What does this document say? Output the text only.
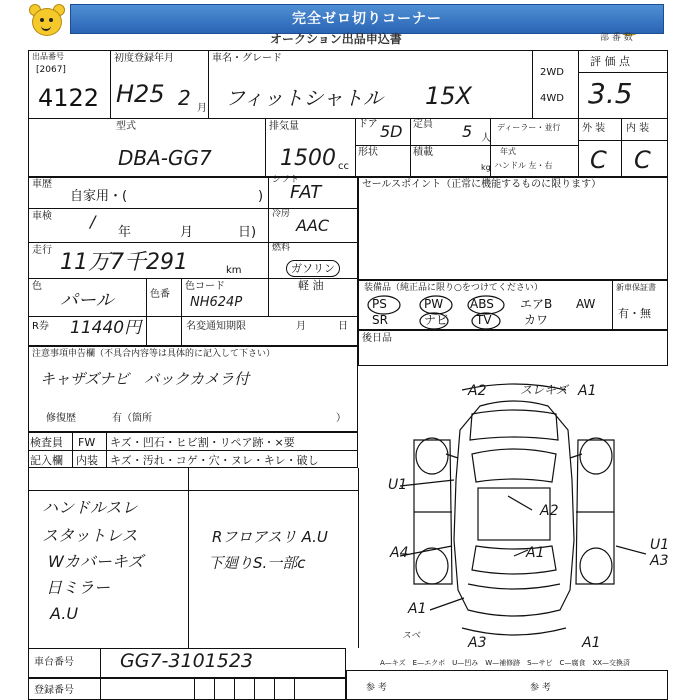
完全ゼロ切りコーナー
オークション出品申込書	部 番 数
出品番号
[2067]
4122
初度登録年月
H25 2 月
車名・グレード
フィットシャトル 15X
2WD
4WD
評 価 点
3.5
型式
DBA-GG7
排気量
1500 cc
ドア 5D 定員 5 人
ディーラー・並行
形状	積載
kg
年式
ハンドル 左・右
外 装 内 装
C C
車歴
自家用・(	)
シフト
FAT
車検 /
年	月	日)
冷房
AAC
走行 11万7千291	km
燃料
ガソリン
軽 油
色
パール	色番
色コード
NH624P
R券 11440円	名変通知期限	月	日
セールスポイント（正常に機能するものに限ります）
装備品（純正品に限り○をつけてください）	新車保証書
有・無
PS	PW ABS エアB AW
SR	ナビ TV	カワ
後日品
注意事項申告欄（不具合内容等は具体的に記入して下さい）
キャザズナビ　バックカメラ付
修復歴	有（箇所	）
検査員 FW キズ・凹石・ヒビ割・リペア跡・×要
記入欄 内装 キズ・汚れ・コゲ・穴・ヌレ・キレ・破し
ハンドルスレ
スタットレス
Wカバーキズ
日ミラー
A.U
Rフロアスリ A.U
下廻りS.一部c
A2	スレキズ A1
U1
A2
A4	A1	U1
A3
A1
スベ	A3	A1
車台番号 GG7-3101523
登録番号
A—キズ　E—エクボ　U—凹み　W—補修跡　S—サビ　C—腐食　XX—交換済
参 考	参 考
